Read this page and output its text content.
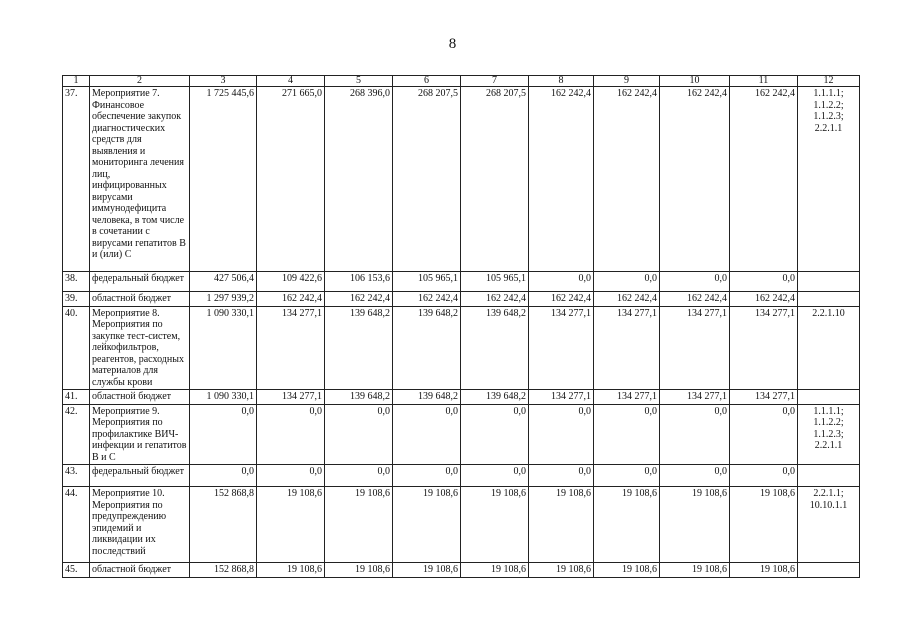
8
1	2	3	4	5	6	7	8	9	10	11	12
37.	Мероприятие 7. Финансовое обеспечение закупок диагностических средств для выявления и мониторинга лечения лиц, инфицированных вирусами иммунодефицита человека, в том числе в сочетании с вирусами гепатитов В и (или) С	1 725 445,6	271 665,0	268 396,0	268 207,5	268 207,5	162 242,4	162 242,4	162 242,4	162 242,4	1.1.1.1; 1.1.2.2; 1.1.2.3; 2.2.1.1
38.	федеральный бюджет	427 506,4	109 422,6	106 153,6	105 965,1	105 965,1	0,0	0,0	0,0	0,0	
39.	областной бюджет	1 297 939,2	162 242,4	162 242,4	162 242,4	162 242,4	162 242,4	162 242,4	162 242,4	162 242,4	
40.	Мероприятие 8. Мероприятия по закупке тест-систем, лейкофильтров, реагентов, расходных материалов для службы крови	1 090 330,1	134 277,1	139 648,2	139 648,2	139 648,2	134 277,1	134 277,1	134 277,1	134 277,1	2.2.1.10
41.	областной бюджет	1 090 330,1	134 277,1	139 648,2	139 648,2	139 648,2	134 277,1	134 277,1	134 277,1	134 277,1	
42.	Мероприятие 9. Мероприятия по профилактике ВИЧ-инфекции и гепатитов В и С	0,0	0,0	0,0	0,0	0,0	0,0	0,0	0,0	0,0	1.1.1.1; 1.1.2.2; 1.1.2.3; 2.2.1.1
43.	федеральный бюджет	0,0	0,0	0,0	0,0	0,0	0,0	0,0	0,0	0,0	
44.	Мероприятие 10. Мероприятия по предупреждению эпидемий и ликвидации их последствий	152 868,8	19 108,6	19 108,6	19 108,6	19 108,6	19 108,6	19 108,6	19 108,6	19 108,6	2.2.1.1; 10.10.1.1
45.	областной бюджет	152 868,8	19 108,6	19 108,6	19 108,6	19 108,6	19 108,6	19 108,6	19 108,6	19 108,6	
